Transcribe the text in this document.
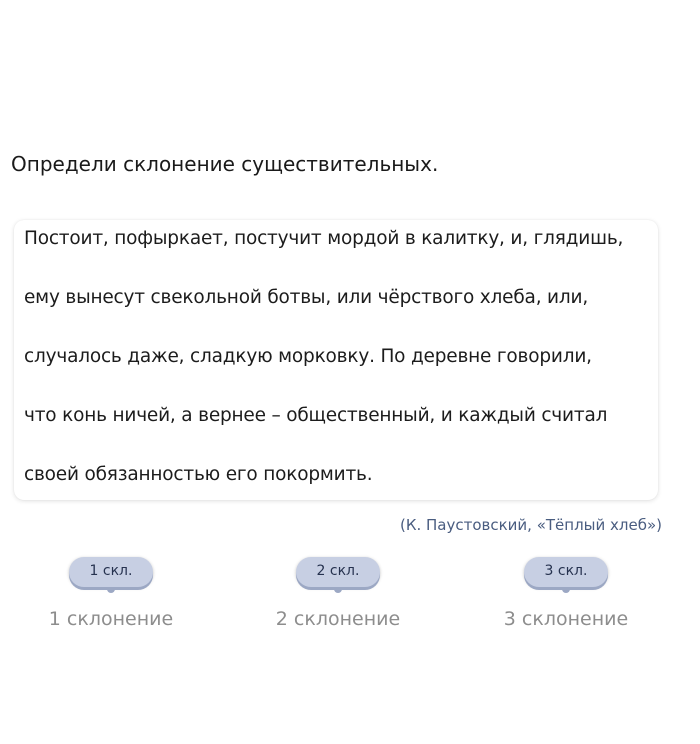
Определи склонение существительных.
Постоит, пофыркает, постучит мордой в калитку, и, глядишь,
ему вынесут свекольной ботвы, или чёрствого хлеба, или,
случалось даже, сладкую морковку. По деревне говорили,
что конь ничей, а вернее – общественный, и каждый считал
своей обязанностью его покормить.
(К. Паустовский, «Тёплый хлеб»)
1 скл.
1 склонение
2 скл.
2 склонение
3 скл.
3 склонение
